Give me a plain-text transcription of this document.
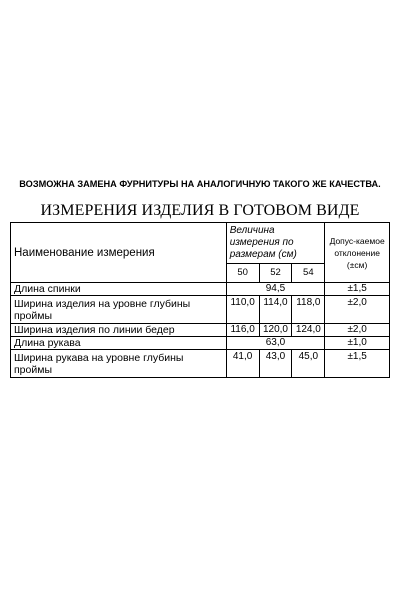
ВОЗМОЖНА ЗАМЕНА ФУРНИТУРЫ НА АНАЛОГИЧНУЮ ТАКОГО ЖЕ КАЧЕСТВА.
ИЗМЕРЕНИЯ ИЗДЕЛИЯ В ГОТОВОМ ВИДЕ
Наименование измерения	Величина измерения по размерам (см)			Допус-каемое отклонение (±см)
	50	52	54	
Длина спинки	94,5			±1,5
Ширина изделия на уровне глубины проймы	110,0	114,0	118,0	±2,0
Ширина изделия по линии бедер	116,0	120,0	124,0	±2,0
Длина рукава	63,0			±1,0
Ширина рукава на уровне глубины проймы	41,0	43,0	45,0	±1,5
